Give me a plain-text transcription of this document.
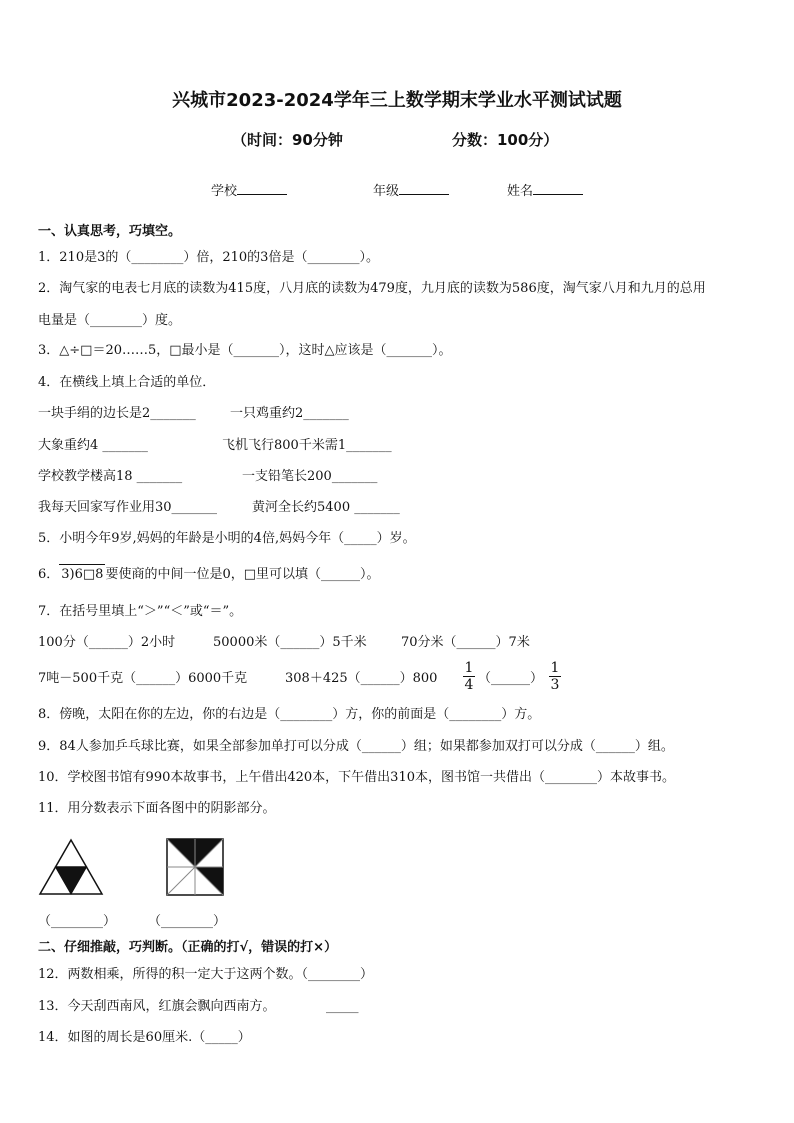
兴城市2023-2024学年三上数学期末学业水平测试试题
（时间：90分钟	分数：100分）
学校	年级	姓名
一、认真思考，巧填空。
1．210是3的（________）倍，210的3倍是（________）。
2．淘气家的电表七月底的读数为415度，八月底的读数为479度，九月底的读数为586度，淘气家八月和九月的总用
电量是（________）度。
3．△÷□＝20……5，□最小是（_______），这时△应该是（_______）。
4．在横线上填上合适的单位．
一块手绢的边长是2_______	一只鸡重约2_______
大象重约4 _______	飞机飞行800千米需1_______
学校教学楼高18 _______	一支铅笔长200_______
我每天回家写作业用30_______	黄河全长约5400 _______
5．小明今年9岁,妈妈的年龄是小明的4倍,妈妈今年（_____）岁。
6． 3)6□8 要使商的中间一位是0，□里可以填（______）。
7．在括号里填上“＞”“＜”或“＝”。
100分（______）2小时	50000米（______）5千米	70分米（______）7米
7吨－500千克（______）6000千克	308＋425（______）800 $\frac{1}{4}$ （______） $\frac{1}{3}$
8．傍晚，太阳在你的左边，你的右边是（________）方，你的前面是（________）方。
9．84人参加乒乓球比赛，如果全部参加单打可以分成（______）组；如果都参加双打可以分成（______）组。
10．学校图书馆有990本故事书，上午借出420本，下午借出310本，图书馆一共借出（________）本故事书。
11．用分数表示下面各图中的阴影部分。
（________） （________）
二、仔细推敲，巧判断。（正确的打√，错误的打×）
12．两数相乘，所得的积一定大于这两个数。（________）
13．今天刮西南风，红旗会飘向西南方。	_____
14．如图的周长是60厘米.（_____）
